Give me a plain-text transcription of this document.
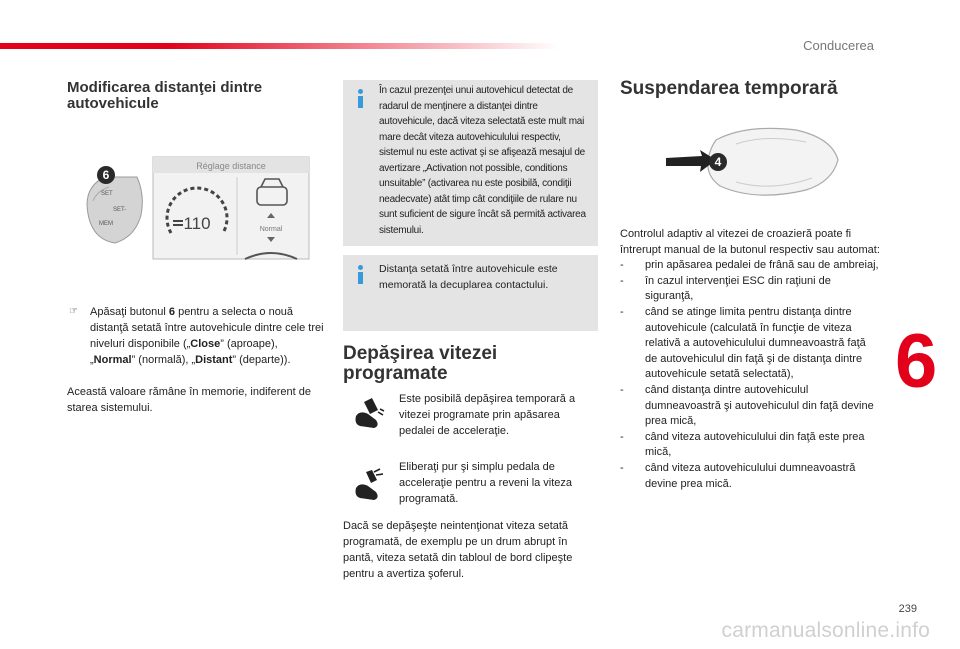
Conducerea
6
239
carmanualsonline.info
Modificarea distanţei dintre autovehicule
SET
SET-
MEM
6
Réglage distance
110	Normal
☞	Apăsaţi butonul 6 pentru a selecta o nouă distanţă setată între autovehicule dintre cele trei niveluri disponibile („Close” (aproape), „Normal” (normală), „Distant” (departe)).
Această valoare rămâne în memorie, indiferent de starea sistemului.
În cazul prezenţei unui autovehicul detectat de radarul de menţinere a distanţei dintre autovehicule, dacă viteza selectată este mult mai mare decât viteza autovehiculului respectiv, sistemul nu este activat şi se afişează mesajul de avertizare „Activation not possible, conditions unsuitable” (activarea nu este posibilă, condiţii neadecvate) atât timp cât condiţiile de rulare nu sunt suficient de sigure încât să permită activarea sistemului.
Distanţa setată între autovehicule este memorată la decuplarea contactului.
Depăşirea vitezei programate
Este posibilă depăşirea temporară a vitezei programate prin apăsarea pedalei de acceleraţie.
Eliberaţi pur şi simplu pedala de acceleraţie pentru a reveni la viteza programată.
Dacă se depăşeşte neintenţionat viteza setată programată, de exemplu pe un drum abrupt în pantă, viteza setată din tabloul de bord clipeşte pentru a avertiza şoferul.
Suspendarea temporară
4
Controlul adaptiv al vitezei de croazieră poate fi întrerupt manual de la butonul respectiv sau automat:
- prin apăsarea pedalei de frână sau de ambreiaj,
- în cazul intervenţiei ESC din raţiuni de siguranţă,
- când se atinge limita pentru distanţa dintre autovehicule (calculată în funcţie de viteza relativă a autovehiculului dumneavoastră faţă de autovehiculul din faţă şi de distanţa dintre autovehicule setată selectată),
- când distanţa dintre autovehiculul dumneavoastră şi autovehiculul din faţă devine prea mică,
- când viteza autovehiculului din faţă este prea mică,
- când viteza autovehiculului dumneavoastră devine prea mică.
